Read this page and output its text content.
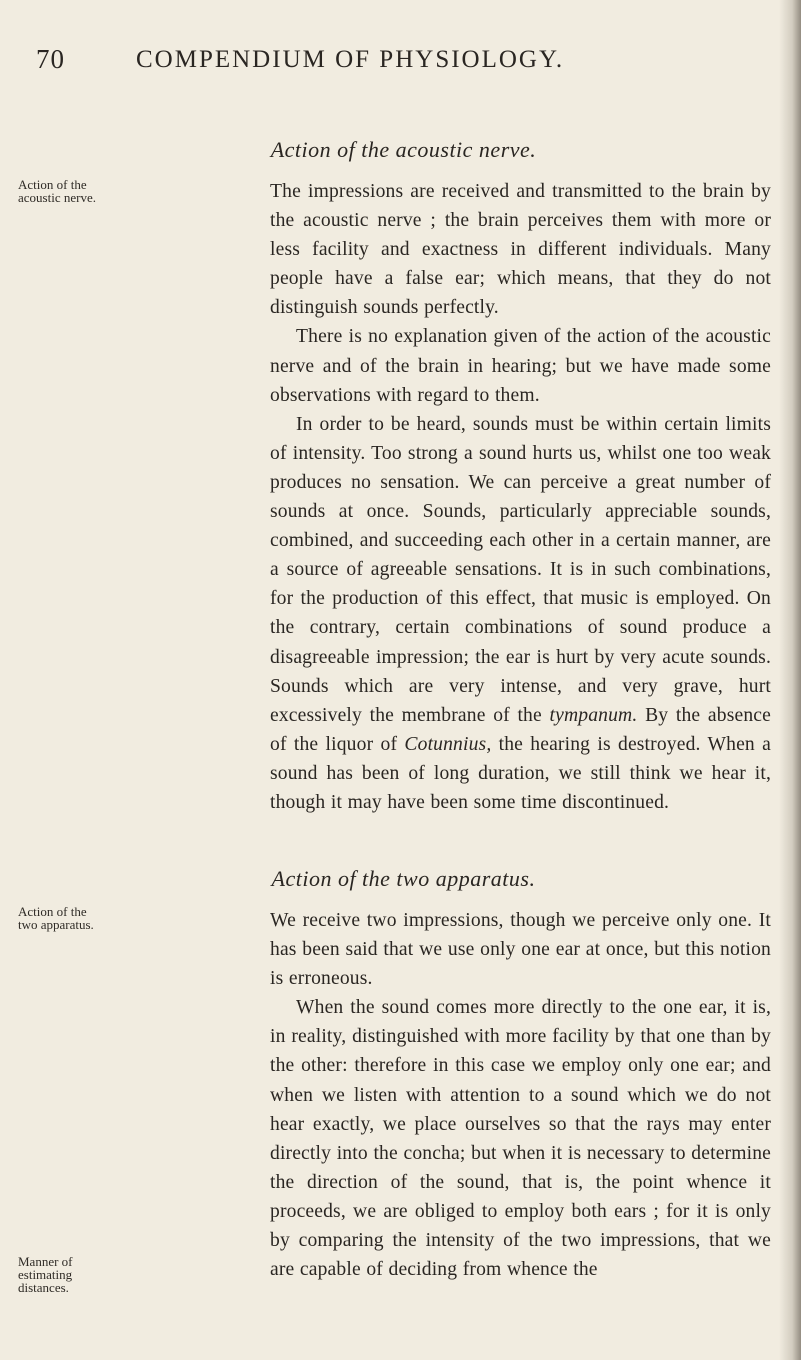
70	COMPENDIUM OF PHYSIOLOGY.
Action of the acoustic nerve.
Action of the acoustic nerve.	The impressions are received and transmitted to the brain by the acoustic nerve ; the brain perceives them with more or less facility and exactness in different individuals. Many people have a false ear; which means, that they do not distinguish sounds perfectly.

There is no explanation given of the action of the acoustic nerve and of the brain in hearing; but we have made some observations with regard to them.

In order to be heard, sounds must be within certain limits of intensity. Too strong a sound hurts us, whilst one too weak produces no sensation. We can perceive a great number of sounds at once. Sounds, particularly appreciable sounds, combined, and succeeding each other in a certain manner, are a source of agreeable sensations. It is in such combinations, for the production of this effect, that music is employed. On the contrary, certain combinations of sound produce a disagreeable impression; the ear is hurt by very acute sounds. Sounds which are very intense, and very grave, hurt excessively the membrane of the tympanum. By the absence of the liquor of Cotunnius, the hearing is destroyed. When a sound has been of long duration, we still think we hear it, though it may have been some time discontinued.

Action of the two apparatus.
Action of the two apparatus.
Manner of estimating distances.

We receive two impressions, though we perceive only one. It has been said that we use only one ear at once, but this notion is erroneous.

When the sound comes more directly to the one ear, it is, in reality, distinguished with more facility by that one than by the other: therefore in this case we employ only one ear; and when we listen with attention to a sound which we do not hear exactly, we place ourselves so that the rays may enter directly into the concha; but when it is necessary to determine the direction of the sound, that is, the point whence it proceeds, we are obliged to employ both ears ; for it is only by comparing the intensity of the two impressions, that we are capable of deciding from whence the
